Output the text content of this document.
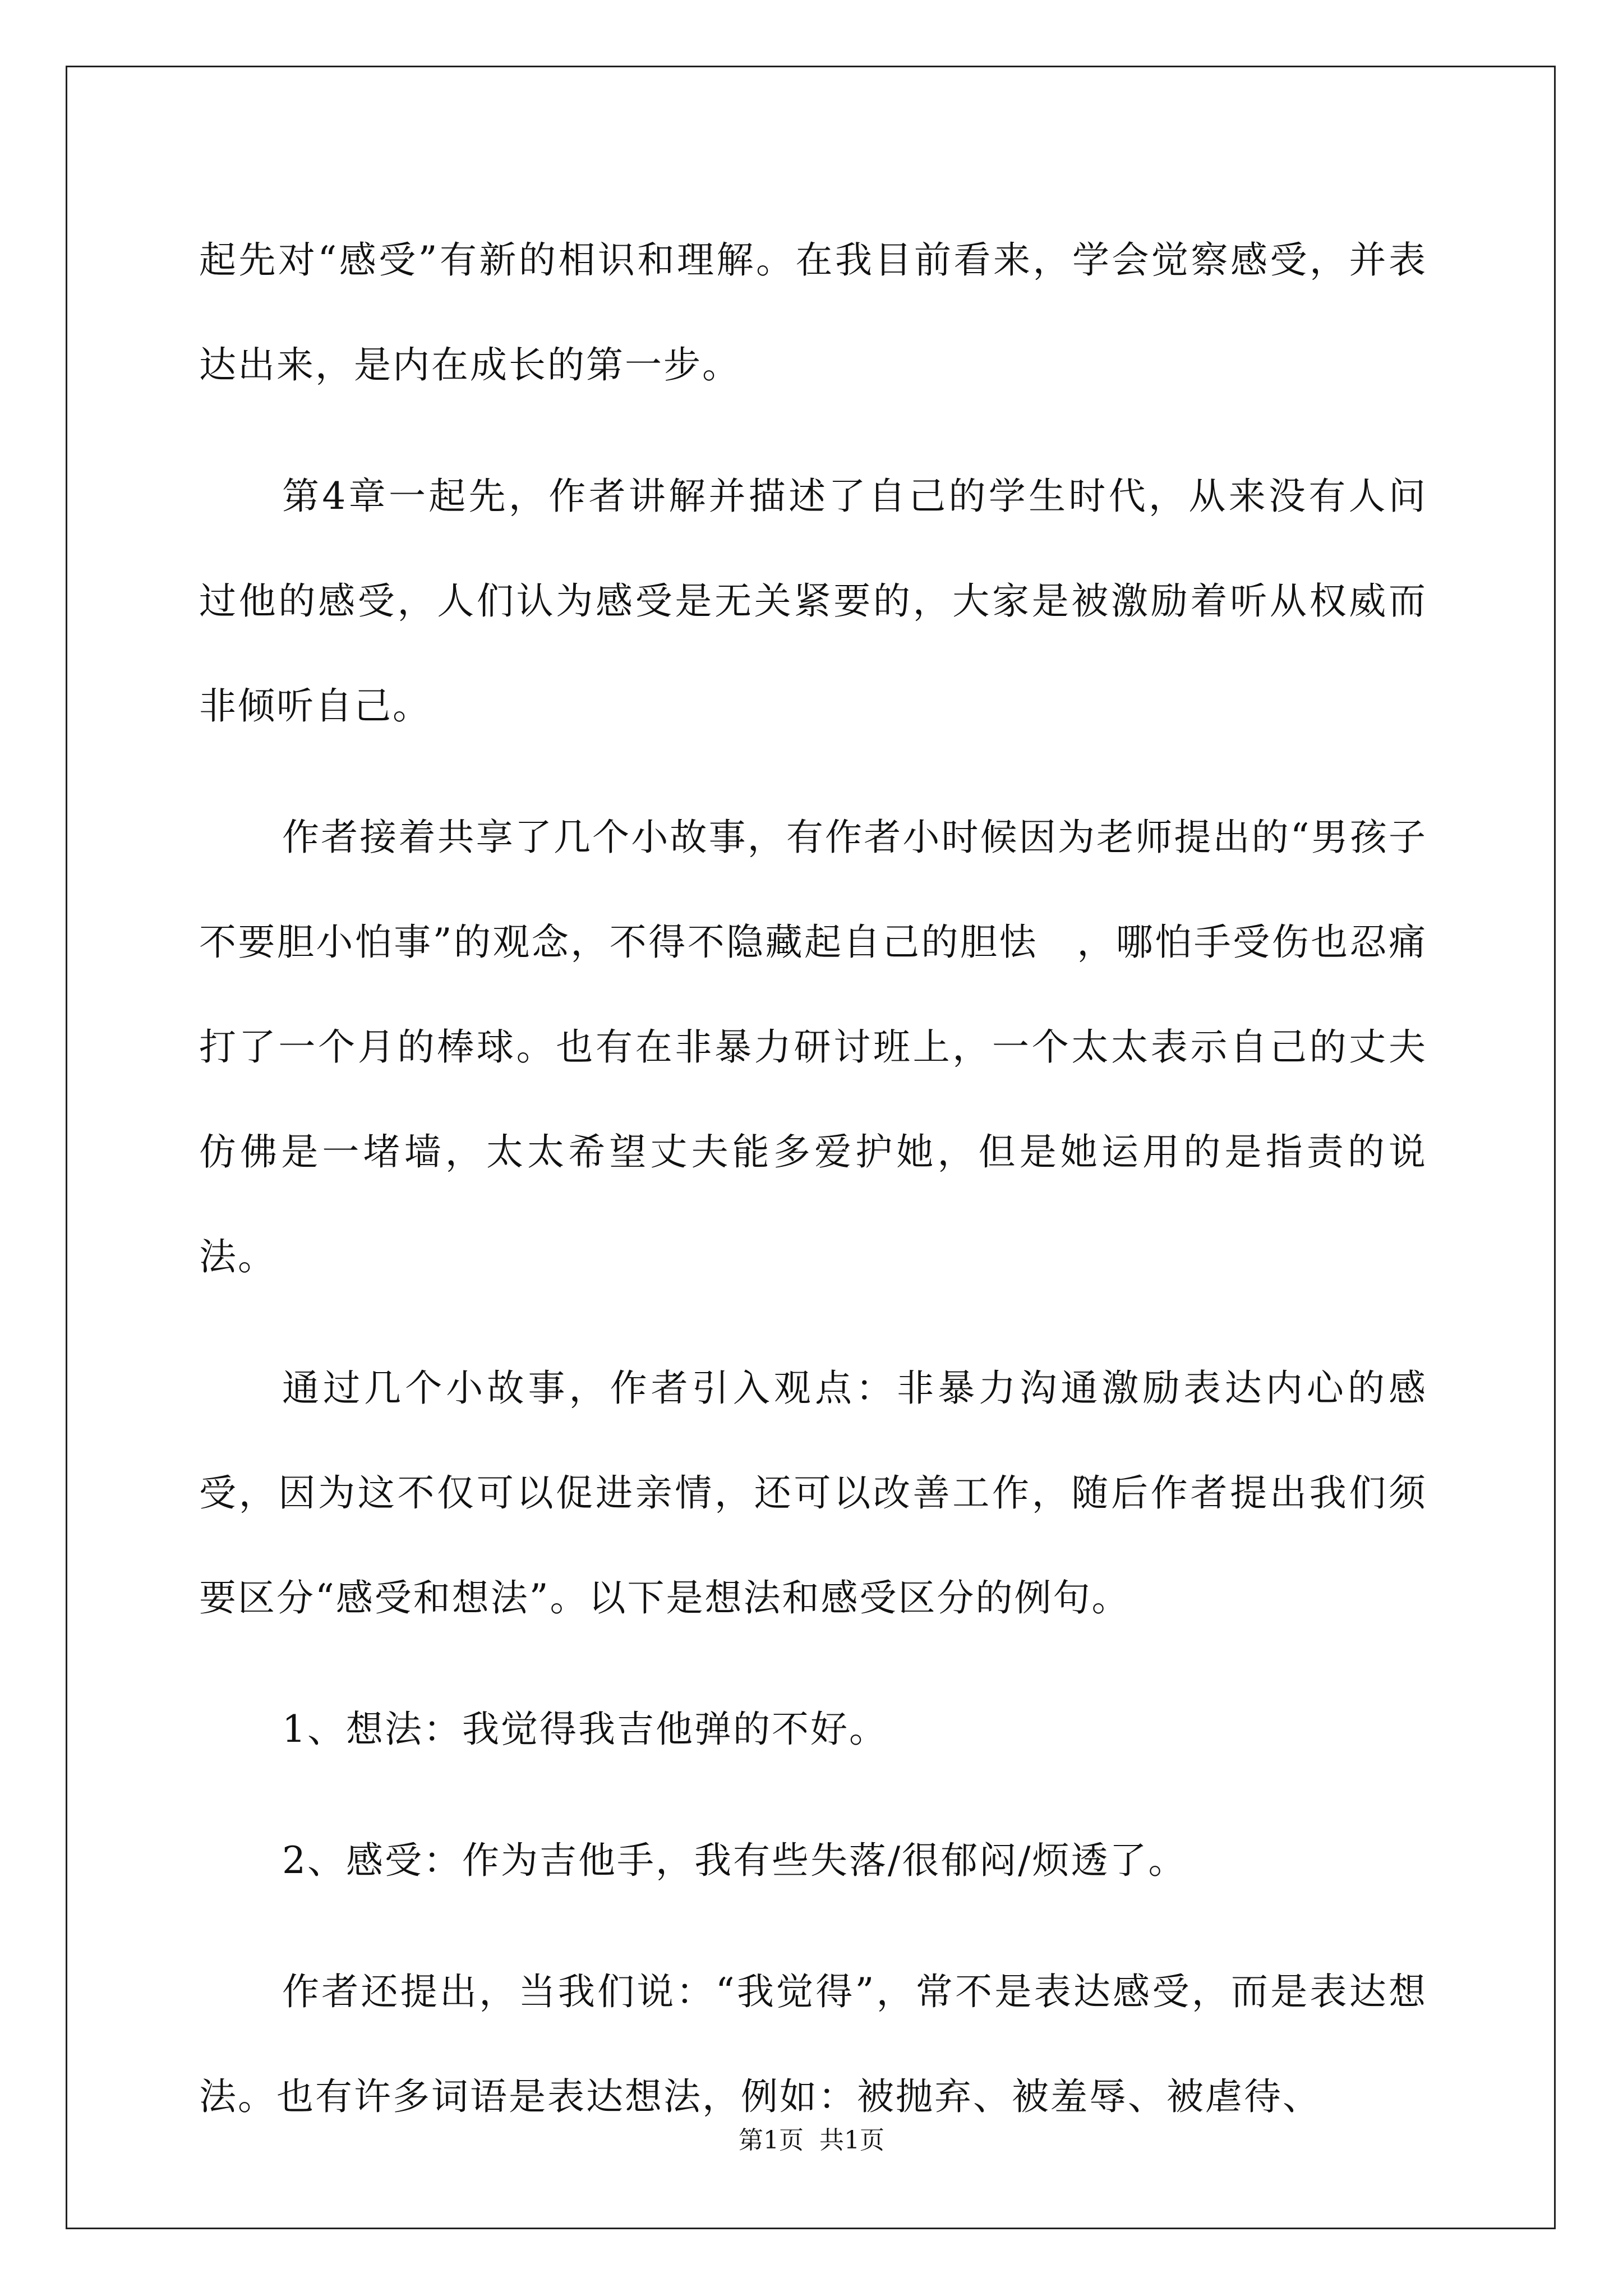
起先对“感受”有新的相识和理解。在我目前看来，学会觉察感受，并表达出来，是内在成长的第一步。

第4章一起先，作者讲解并描述了自己的学生时代，从来没有人问过他的感受，人们认为感受是无关紧要的，大家是被激励着听从权威而非倾听自己。

作者接着共享了几个小故事，有作者小时候因为老师提出的“男孩子不要胆小怕事”的观念，不得不隐藏起自己的胆怯　，哪怕手受伤也忍痛打了一个月的棒球。也有在非暴力研讨班上，一个太太表示自己的丈夫仿佛是一堵墙，太太希望丈夫能多爱护她，但是她运用的是指责的说法。

通过几个小故事，作者引入观点：非暴力沟通激励表达内心的感受，因为这不仅可以促进亲情，还可以改善工作，随后作者提出我们须要区分“感受和想法”。以下是想法和感受区分的例句。

1、想法：我觉得我吉他弹的不好。

2、感受：作为吉他手，我有些失落/很郁闷/烦透了。

作者还提出，当我们说：“我觉得”，常不是表达感受，而是表达想法。也有许多词语是表达想法，例如：被抛弃、被羞辱、被虐待、

第1页 共1页
